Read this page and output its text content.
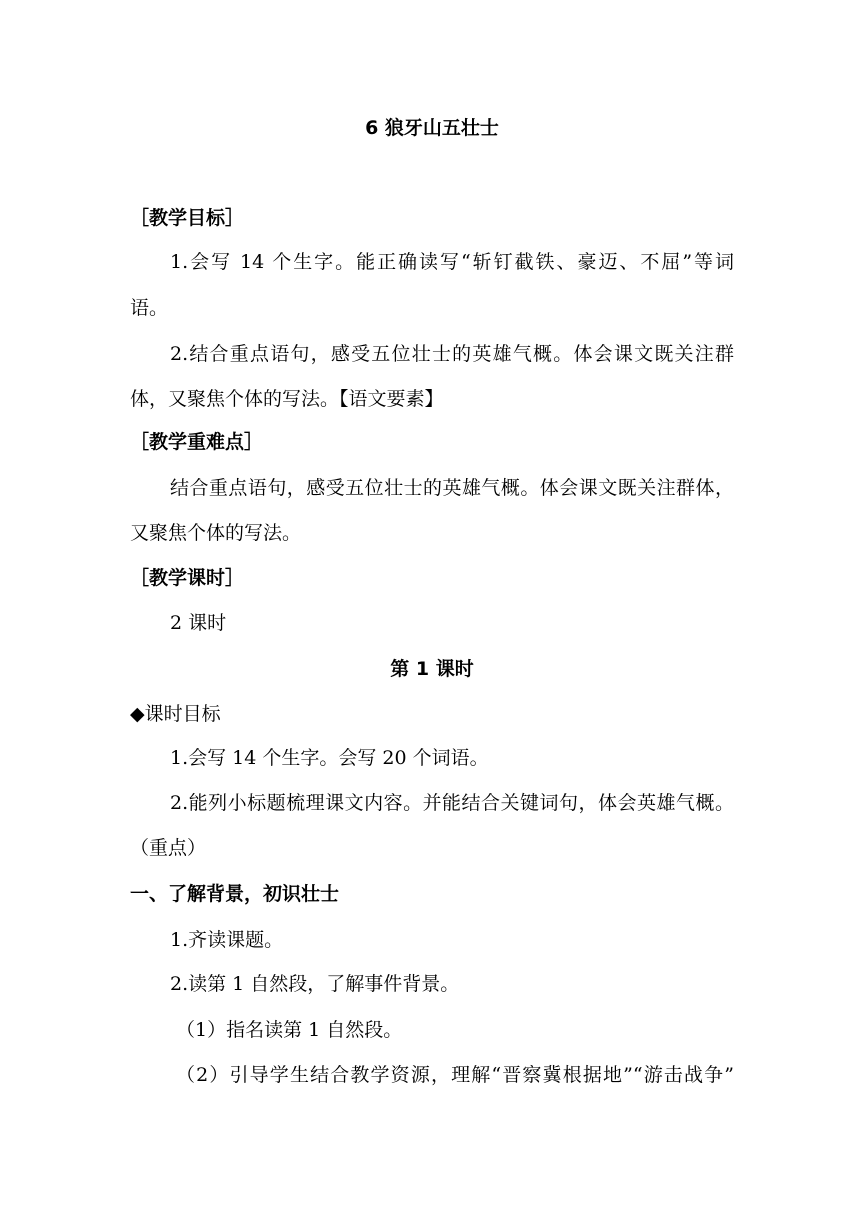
6 狼牙山五壮士
［教学目标］
1.会写 14 个生字。能正确读写“斩钉截铁、豪迈、不屈”等词
语。
2.结合重点语句，感受五位壮士的英雄气概。体会课文既关注群
体，又聚焦个体的写法。【语文要素】
［教学重难点］
结合重点语句，感受五位壮士的英雄气概。体会课文既关注群体，
又聚焦个体的写法。
［教学课时］
2 课时
第 1 课时
◆课时目标
1.会写 14 个生字。会写 20 个词语。
2.能列小标题梳理课文内容。并能结合关键词句，体会英雄气概。
（重点）
一、了解背景，初识壮士
1.齐读课题。
2.读第 1 自然段，了解事件背景。
（1）指名读第 1 自然段。
（2）引导学生结合教学资源，理解“晋察冀根据地”“游击战争”
